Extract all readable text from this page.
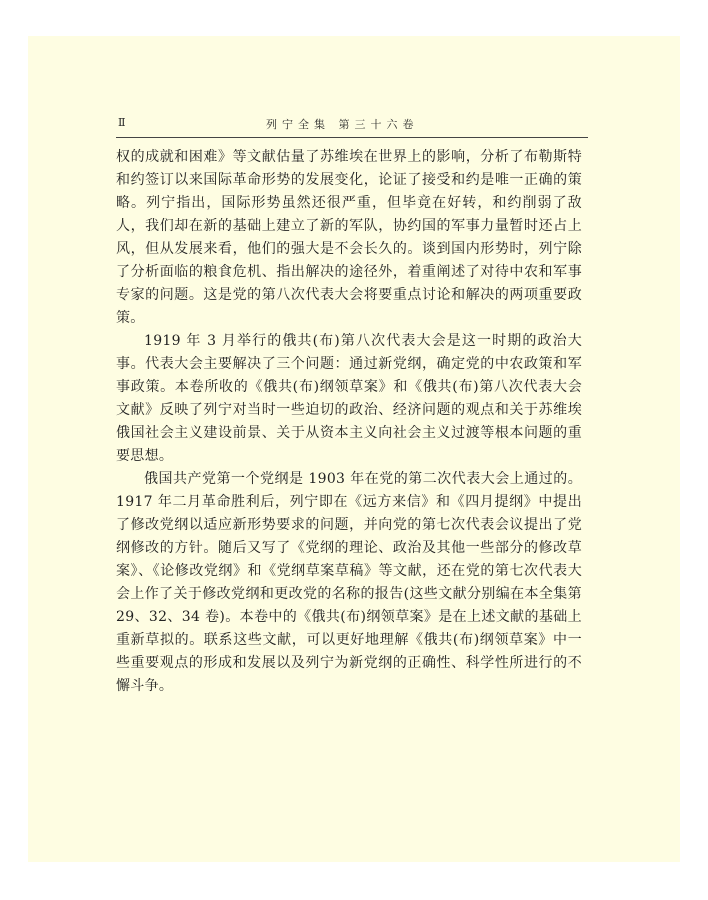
Ⅱ	列宁全集 第三十六卷

权的成就和困难》等文献估量了苏维埃在世界上的影响，分析了布勒斯特和约签订以来国际革命形势的发展变化，论证了接受和约是唯一正确的策略。列宁指出，国际形势虽然还很严重，但毕竟在好转，和约削弱了敌人，我们却在新的基础上建立了新的军队，协约国的军事力量暂时还占上风，但从发展来看，他们的强大是不会长久的。谈到国内形势时，列宁除了分析面临的粮食危机、指出解决的途径外，着重阐述了对待中农和军事专家的问题。这是党的第八次代表大会将要重点讨论和解决的两项重要政策。

1919 年 3 月举行的俄共(布)第八次代表大会是这一时期的政治大事。代表大会主要解决了三个问题：通过新党纲，确定党的中农政策和军事政策。本卷所收的《俄共(布)纲领草案》和《俄共(布)第八次代表大会文献》反映了列宁对当时一些迫切的政治、经济问题的观点和关于苏维埃俄国社会主义建设前景、关于从资本主义向社会主义过渡等根本问题的重要思想。

俄国共产党第一个党纲是 1903 年在党的第二次代表大会上通过的。1917 年二月革命胜利后，列宁即在《远方来信》和《四月提纲》中提出了修改党纲以适应新形势要求的问题，并向党的第七次代表会议提出了党纲修改的方针。随后又写了《党纲的理论、政治及其他一些部分的修改草案》、《论修改党纲》和《党纲草案草稿》等文献，还在党的第七次代表大会上作了关于修改党纲和更改党的名称的报告(这些文献分别编在本全集第 29、32、34 卷)。本卷中的《俄共(布)纲领草案》是在上述文献的基础上重新草拟的。联系这些文献，可以更好地理解《俄共(布)纲领草案》中一些重要观点的形成和发展以及列宁为新党纲的正确性、科学性所进行的不懈斗争。
